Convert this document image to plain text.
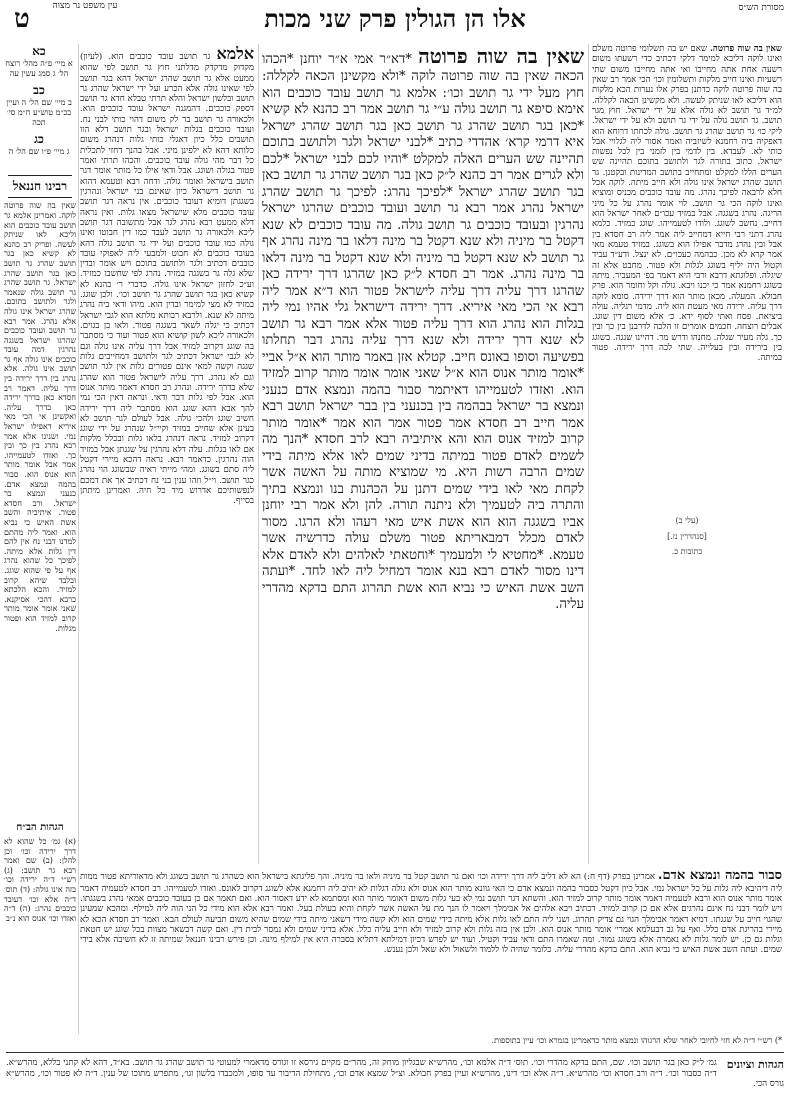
ט	עין משפט נר מצוה	אלו הן הגולין פרק שני מכות	מסורת הש״ס

שאין בה שוה פרוטה. שאם יש בה תשלומי פרוטה משלם ואינו לוקה דליכא למימר דלקי דכתיב כדי רשעתו משום רשעה אחת אתה מחייבו ואי אתה מחייבו משום שתי רשעיות ואינו חייב מלקות ותשלומין וכו׳ הכי אמר רב שאין בה שוה פרוטה לוקה כדתנן בפרק אלו נערות הכא מלקות הוא דליכא לאו שניתק לעשה. ולא מקשינן הכאה לקללה. למ״ד גר תושב לא גולה אלא על ידי ישראל. חוץ מגר תושב. גר תושב גולה על ידי גר תושב ולא על ידי ישראל. ליקי כו׳ גר תושב שהרג גר תושב. גולה לכחתו דרוחא הוא דאפקיה ביה רחמנא לשיזביה ואמר אסור ליה לגלויי אבל כותי לא. לעבדא. בין לדמי בין לזמני בין לכל נפשות ישראל. כתוב בתורה לגר ולתושב בתוכם תהיינה שש הערים הללו למקלט ומתחייב בתושב המדינות ובקטנן. גר תושב שהרג ישראל אינו גולה ולא חייב מיתה. לוקה אכל חלא לרבאה לפיכך נהרג. מה עובד כוכבים מכניס ומוציא ואינו לוקה הכי גר תושב. לוי אומר נהרג על כל מיני הריגה. נהרג בשגגה. אבל במזיד עכו״ם לאחר ישראל הוא דחייב. נחשב לשוגג. ולודו לטעמייהו. שוגג כמזיד. כלמא נהרג דתני רבי חייא דמחייב ליה אמר ליה רב חסדא בין אבל ובין נהרג מדבר אפילו הוא בשוגג. במזיד טעמא מאי אמר קרא לא מכן. כבהמה כעכו״ם. לא ינצל. ודע״ד עביד וקטול היה יליף בשוגג לגלות ולא פטור. מחבט אלא זה שיגלה. ופלוגתא דרבא ורבי היא דאמר בפ׳ המעביר. מיתה בשוגג רחמנא אמר כי יכנו ויבא. גולה וקל וחומר הוא. פרק חבולא. המעלה. מכאן מותר הוא דרך ירידה. סומא לוקה דרך עליה. ירידה מאי מעטת הוא ליה. מדמי רגליה. עולה ביציאת. פסח ואתי לסוף ידא. כ׳ אלא משום דין שוגג. אבלים רוצחה. חכמים אומרים זו הלכה לדרבנן בין כך ובין כך. גלה מעיר שגלה. מחנהו ודרש מר. דהיינו שגגה. בשוגג בין בירידה ובין בעלייה. שתי לכה דרך ירידה. פטור במיתה.

(עלי ב)
[סנהדרין נז.]
כתובות כ.

שאין בה שוה פרוטה *דא״ר אמי א״ר יוחנן *הכהו הכאה שאין בה שוה פרוטה לוקה *ולא מקשינן הכאה לקללה: חוץ מעל ידי גר תושב וכו׳: אלמא גר תושב עובד כוכבים הוא אימא סיפא גר תושב גולה ע״י גר תושב אמר רב כהנא לא קשיא *כאן בגר תושב שהרג גר תושב כאן בגר תושב שהרג ישראל איא דרמי קרא׳ אהדדי כתיב *לבני ישראל ולגר ולתושב בתוכם תהיינה שש הערים האלה למקלט *והיו לכם לבני ישראל *לכם ולא לגרים אמר רב כהנא ל״ק כאן בגר תושב שהרג גר תושב כאן בגר תושב שהרג ישראל *לפיכך נהרג: לפיכך גר תושב שהרג ישראל נהרג אמר רבא גר תושב ועובד כוכבים שהרגו ישראל נהרגין ובעובד כוכבים גר תושב גולה. מה עובד כוכבים לא שנא דקטל בר מיניה ולא שנא דקטל בר מינה דלאו בר מינה נהרג אף גר תושב לא שנא דקטל בר מיניה ולא שנא דקטל בר מינה דלאו בר מינה נהרג. אמר רב חסדא ל״ק כאן שהרגו דרך ירידה כאן שהרגו דרך עליה דרך עליה לישראל פטור הוא ד״א אמר ליה רבא אי הכי מאי איריא. דרך ירידה דישראל גלי אהיו נמי ליה בגלות הוא נהרג הוא דרך עליה פטור אלא אמר רבא גר תושב לא שנא דרך ירידה ולא שנא דרך עליה נהרג דבר תחלתו בפשיעה וסופו באונס חייב. קטלא אזן באמר מותר הוא א״ל אביי *אומר מותר אנוס הוא א״ל שאני אומר אומר מותר קרוב למזיד הוא. ואזדו לטעמייהו דאיתמר סבור בהמה ונמצא אדם כנעני ונמצא בר ישראל בבהמה בין בכנעני בין בבר ישראל תושב רבא אמר חייב רב חסדא אמר פטור אמר הוא אמר *אומר מותר קרוב למזיד אנוס הוא והא איתיביה רבא לרב חסדא *הנך מה לשמים לאדם פטור במיתה בדיני שמים לאו אלא מיתה בידי שמים הרבה רשות היא. מי שמוציא מותה על האשה אשר לקחת מאי לאו בידי שמים דתנן על הכהנות בנו ונמצא בתיך והתרה ביה לטעמיך ולא ניתנה תורה. להן ולא אמר רבי יוחנן אביו בשגגה הוא הוא אשת איש מאי רעהו ולא הרגו. מסור לאדם מכלל דמבאריתא פטור משלם עולה כדרשיה אשר טעמא. *מחטיא לי ולמעמיך *וחטאתי לאלהים ולא לאדם אלא דינו מסור לאדם רבא בנא אומר דמחיל ליה לאו לחד. *ועתה השב אשת האיש כי נביא הוא אשת תהרוג התם בדקא מהדרי עליה.

אלמא גר תושב עובד כוכבים הוא. (לעיון) מקדוק מדקדק מדלתני חוץ גר תושב לפי שהוא ממעט אלא גר תושב שהרג ישראל דהא בגר תושב לפי שאינו גולה אלא הכרע ועל ידי ישראל שהרג גר תושב ובלשון ישראל והלא תרתי טבלא חדא גר תושב דספק כוכבים. דהמגנה ישראל עובד כוכבים הוא. ולכאורה גר תושב בר לק משום דהוי כותי לבני נח. ועובד כוכבים בגלות ישראל ובגר תושב דלא הוו תושבים כלל כיון דאגלי כותי גלות דנהרג משום כלותא דהא לא ילפינן מיני. אבל בהנך דחזי לתכלית כל דבר מהי גולה עובד כוכבים. והכהו תרתי ואמר פטור בגולה ושוגג. אבל ודאי אילו כל מותר אומר דגר תושב בישראל ואומר גולה. ודחה רבא וטעמא דהוא גר תושב דישראל כיון שאינם בני ישראל ונהרגין בשגגתן דומיא דעובד כוכבים. אין נראה דגר תושב עובד כוכבים מלא שישראל מצאו גלות. ואין נראה דלא ממעט רבא נהרג לגר אבל מתשובה דגר תושב ליכא ולכאורה גר תושב לעבד כמו דין חבוטו ואינו גולה כמו עובד כוכבים ועל ידי גר תושב גולה דהא בעובד כוכבים לא חבוט ולמבעי ליה לאפוקי עובד כוכבים דכתיב ולגר ולתושב בתוכם ויש אומר ובדין שלא גלה גר בשגגה במזיד. נהרג לפי שחשבו כמזיד. וע״כ לחזון ישראל אינו גולה. כדברי ר׳ כהנא לא קשיא כאן בגר תושב שהרג גר תושב וכו׳. ולכן שוגג. במזיד לא מצי למימר ובדין הוא. מיהו ודאי ביה נהרג מיתה לא שנא. ולרבא רבותא מלתא הוא לגבי ישראל דכתיב כי יגלה לשאר בשגגה פטור. ולאו כן בגוים. ולכאורה ליכא לשון קושיא הוא פטור ועוד כי מסתבר בה שוגג דקרוב למזיד אבל דרך עליה אינו גולה וגם לא לגבי ישראל דכתיב לגר ולתושב דמחייבים גלות שגגה וקשה למאי אינם פטורים גלות אין לגר תושב וגם לא נהרג. דרך עליה לישראל פטור הוא שהרג שלא בדרך ירידה. ונהרג רב חסדא דאמר מותר אנוס הוא. אבל לפי גלות דבר ודאי. ונראה דאין הכי נמי להך אבא דהא שוגג הוא מסתבר ליה דרך ירידה חשיב שוגג ולהכי גולה. אבל לעולם לגר תושב לא בעינן אלא שחייב במזיד וקיי״ל שנהרג על ידי שוגג דקרוב למזיד. נראה דנהרג בלאו גלות ובכלל מלקות אם לאו בגלות. עלה דלא נהרגין על שגגתן אבל במזיד הוה נהרגין. כדאמר רבא. נראה דהכא מיירי דקטל ליה סתם בשוגג. ומהי מייתי ראיה שבשוגג הוי נהרג כגר תושב. וי״ל וזהו ענין בני נח דכתיב אך את דמכם לנפשותיכם אדרוש מיד כל חיה. ואמרינן מיתתן בסייף.

כא
א מיי׳ פ״ה מהל׳ רוצח הל׳ ג סמג עשין עה
כב
ב מיי׳ שם הל׳ ה ועיין בכ״מ טוש״ע ח״מ סי׳ תכה
כג
ג מיי׳ פ״ו שם הל׳ ה
רבינו חננאל

שאין בה שוה פרוטה לוקה. ואמרינן אלמא גר תושב עובד כוכבים הוא וליכא לאו שניתק לעשה. ופריק רב כהנא לא קשיא כאן בגר תושב שהרג גר תושב כאן בגר תושב שהרג ישראל. גר תושב שהרג גר תושב גולה שנאמר ולגר ולתושב בתוכם. שהרג ישראל אינו גולה אלא נהרג. אמר רבא גר תושב ועובד כוכבים שהרגו ישראל בשגגה נהרגין דמה עובד כוכבים אינו גולה אף גר תושב אינו גולה. אלא נהרג בין דרך ירידה בין דרך עליה. דאמר רב חסדא כאן בדרך ירידה כאן בדרך עליה. ואקשינן אי הכי מאי איריא דאפילו ישראל נמי. ושנינו אלא אמר רבא נהרג בין כך ובין כך. ואזדו לטעמייהו. אמר אבל אומר מותר הוא אנוס הוא. סבור בהמה ונמצא אדם. כנעני ונמצא בר ישראל. ורב חסדא פטור. איתיביה והשב אשת האיש כי נביא הוא. ואמר ליה מהתם למדנו דבני נח אין להם דין גלות אלא מיתה. לפיכך כל שהוא נהרג אף על פי שהוא שוגג. ובלבד שיהא קרוב למזיד. והכא הלכתא כרבא דהכי אסיקנא. שאני אומר אומר מותר קרוב למזיד הוא ופטור מגלות.

הגהות הב״ח

(א) גמ׳ כל שהוא לא דרך ירידה וכו׳ וכן להלן: (ב) שם ואמר רבא גר תושב: (ג) רש״י ד״ה ירידה וכו׳ בזה אינו גולה: (ד) תוס׳ ד״ה אלא וכו׳ דעובד כוכבים נהרג: (ה) ד״ה ואזדו וכו׳ אנוס הוא נ״ב

סבור בהמה ונמצא אדם. אמרינן בפרק (דף ח:) הא לא דליב ליה דרך ירידה וכו׳ ואם גר תושב קטל בר מיניה ולאו בר מיניה. והך פליגתא בישראל הוא כשהרג גר תושב בשוגג ולא מדאוריתא פטור ממות ליה דיהיבא ליה גלות על כל ישראל נמי. אבל כיון דקטל כסבור בהמה ונמצא אדם כי האי גוונא מותר הוא אנוס ולא גולה דגלות לא יהיב ליה רחמנא אלא לשוגג דקרוב לאונס. ואזדו לטעמייהו. רב חסדא לטעמיה דאמר אומר מותר אנוס הוא ורבא לטעמיה דאמר אומר מותר קרוב למזיד הוא. והשתא דגר תושב נמי לא בעי גלות משום דאומר מותר הוא ומסתמא לא ידע דאסור הוא. ואם תאמר אם כן בעובד כוכבים אמאי נהרג בשגגתו. ויש לומר דבני נח אינם נהרגים אלא אם כן קרוב למזיד. דכתיב ויבא אלהים אל אבימלך ויאמר לו הנך מת על האשה אשר לקחת והיא בעולת בעל. ואמר רבא אלא הוא מידי כל הני הוה ליה למילף. ומהכא שמעינן שהגוי חייב על שגגתו. דמיא דאמר אבימלך הגוי גם צדיק תהרוג. ושני ליה התם לאו גלות אלא מיתה בידי שמים הוא ולא קשה מידי דשאני מיתה בידי שמים שהיא משום תביעה לעולם הבא. ואמר רב חסדא הכא לא מיירי בהריגת אדם כלל. ואף על גב דבעלמא אמרי׳ אומר מותר אנוס הוא. ולכן אין בזה גלות ולא קרוב למזיד ולא חייב עליה כלל. אלא בדיני שמים ולא נמסר לבית דין. ואם קשה דבשאר מצוות בכל שוגג יש חטאת וגלות גם כן. יש לומר גלות לא נאמרה אלא בשוגג גמור. ומה שאמרו התם ודאי עביד וקטיל. ועוד יש לפרש דכיון דמילתא דתליא בסברה היא אין למילף מינה. וכן פירש רבינו חננאל שמיתה זו לא חשיבה אלא בידי שמים. ועתה השב אשת האיש כי נביא הוא. התם בדקא מהדרי עליה. כלומר שהיה לו ללמוד ולשאול ולא שאל ולכן נענש.

*) רש״י ד״ה לא חזי לחיובי לאחר שלא הרגוהו ונמצא מותר כדאמרינן בגמרא וכו׳ עיין בתוספות.

הגהות וציונים
גמ׳ ל״ק כאן בגר תושב וכו׳. שם, התם בדקא מהדרי וכו׳. תוס׳ ד״ה אלמא וכו׳, מהרש״א שבגליון מוחק זה, מהר״ם מקיים גירסא זו וגורס מדאמרי למעוטי גר תושב שהרג גר תושב. בא״ד, דהא לא קתני בללא, מהרש״א. ד״ה כסבור וכו׳. ד״ה ורב חסדא וכו׳ מהרש״א. ד״ה אלא וכו׳ דינו, מהרש״א ועיין בפרק חבולא. וצ״ל שמצא אדם וכו׳, מתחילת הדיבור עד סופו, ולמכבדו בלשון וגו׳, מתפרש מתוכו של ענין. ד״ה לא פטור וכו׳, מהרש״א גורס הכי.
